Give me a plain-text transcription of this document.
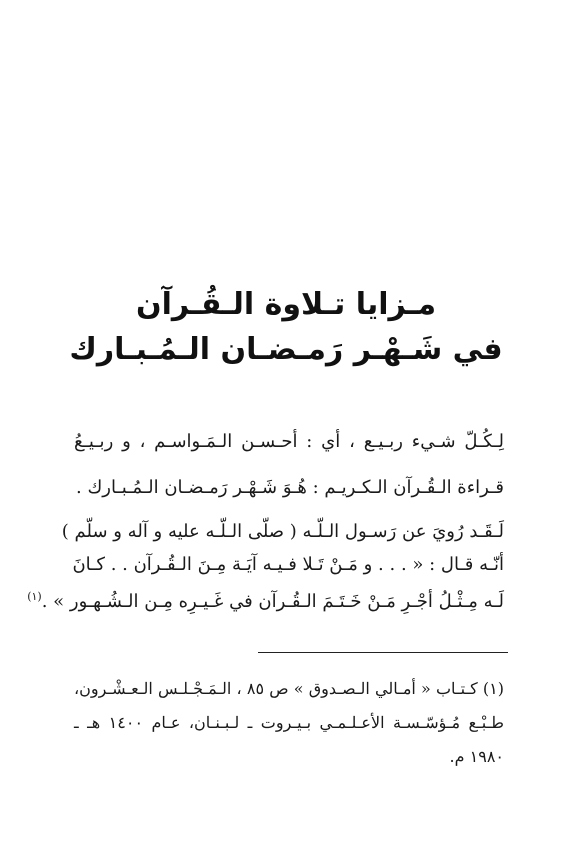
مـزايا تـلاوة الـقُـرآن
في شَـهْـر رَمـضـان الـمُـبـارك
لِـكُـلّ شـيء ربـيـع ، أي : أحـسـن الـمَـواسـم ، و ربـيـعُ
قـراءة الـقُـرآن الـكـريـم : هُـوَ شَـهْـر رَمـضـان الـمُـبـارك .
لَـقَـد رُويَ عن رَسـول الـلّـه ( صلّى الـلّـه عليه و آله و سلّم )
أنّـه قـال : « . . . و مَـنْ تَـلا فـيـه آيَـة مِـنَ الـقُـرآن . . كـانَ
لَـه مِـثْـلُ أجْـرِ مَـنْ خَـتَـمَ الـقُـرآن في غَـيـرِه مِـن الـشُـهـور » .$^{(١)}$
(١) كـتـاب « أمـالي الـصـدوق » ص ٨٥ ، الـمَـجْـلـس الـعـشْـرون،
طـبْـع مُـؤسّـسـة الأعـلـمـي بـيـروت ـ لـبـنـان، عـام ١٤٠٠ هـ ـ
١٩٨٠ م.
